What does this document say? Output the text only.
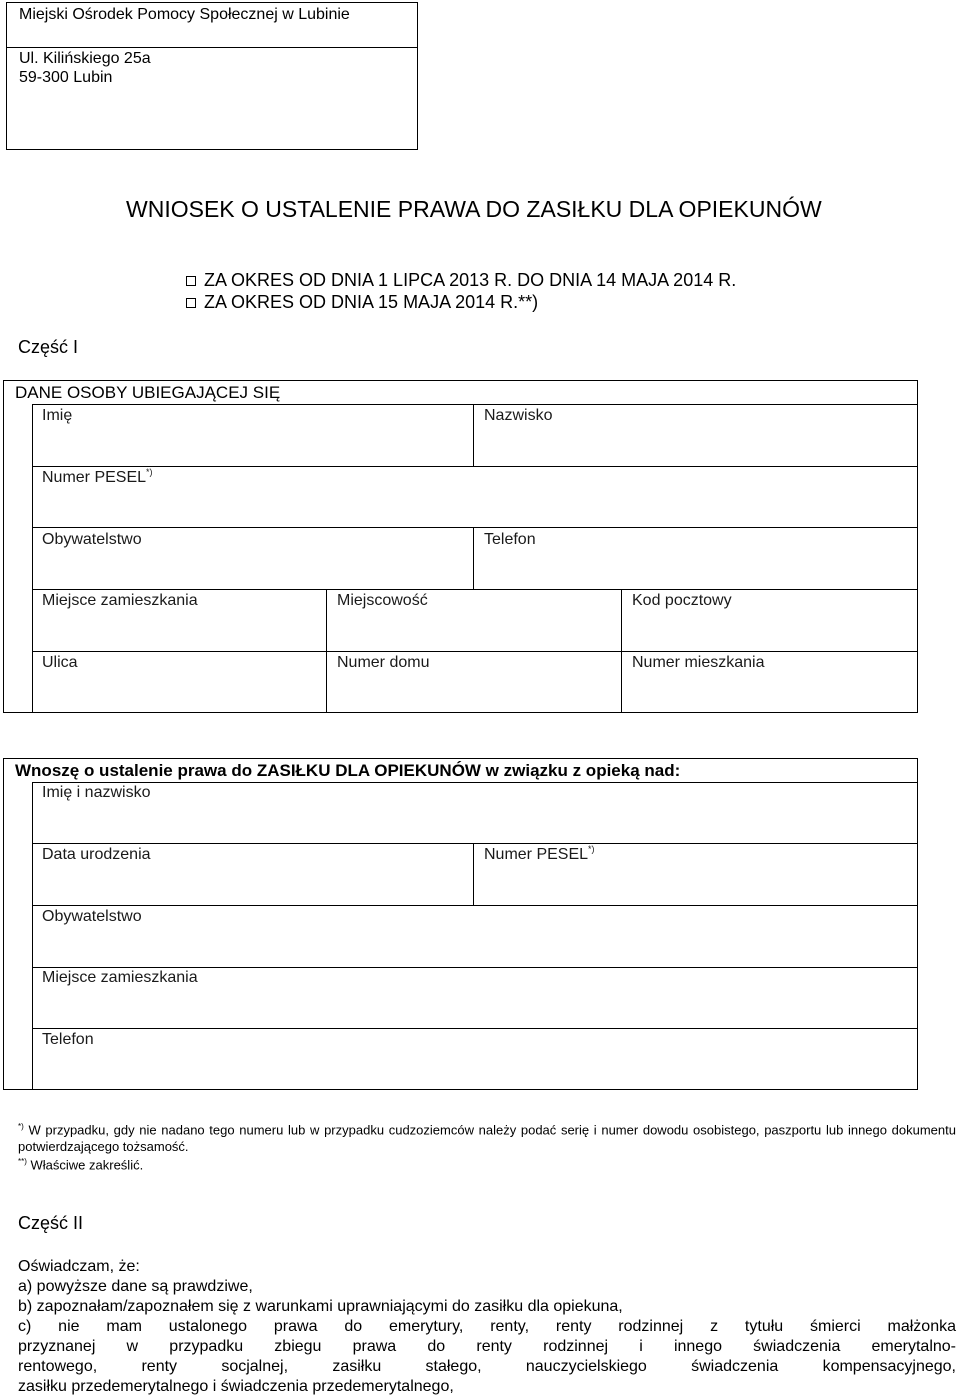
Miejski Ośrodek Pomocy Społecznej w Lubinie
Ul. Kilińskiego 25a
59-300 Lubin
WNIOSEK O USTALENIE PRAWA DO ZASIŁKU DLA OPIEKUNÓW
ZA OKRES OD DNIA 1 LIPCA 2013 R. DO DNIA 14 MAJA 2014 R.
ZA OKRES OD DNIA 15 MAJA 2014 R.**)
Część I
DANE OSOBY UBIEGAJĄCEJ SIĘ
Imię	Nazwisko
Numer PESEL*)
Obywatelstwo	Telefon
Miejsce zamieszkania	Miejscowość	Kod pocztowy
Ulica	Numer domu	Numer mieszkania
Wnoszę o ustalenie prawa do ZASIŁKU DLA OPIEKUNÓW w związku z opieką nad:
Imię i nazwisko
Data urodzenia	Numer PESEL*)
Obywatelstwo
Miejsce zamieszkania
Telefon
*) W przypadku, gdy nie nadano tego numeru lub w przypadku cudzoziemców należy podać serię i numer dowodu osobistego, paszportu lub innego dokumentu potwierdzającego tożsamość.
**) Właściwe zakreślić.
Część II
Oświadczam, że:
a) powyższe dane są prawdziwe,
b) zapoznałam/zapoznałem się z warunkami uprawniającymi do zasiłku dla opiekuna,
c) nie mam ustalonego prawa do emerytury, renty, renty rodzinnej z tytułu śmierci małżonka
przyznanej w przypadku zbiegu prawa do renty rodzinnej i innego świadczenia emerytalno-
rentowego, renty socjalnej, zasiłku stałego, nauczycielskiego świadczenia kompensacyjnego,
zasiłku przedemerytalnego i świadczenia przedemerytalnego,
